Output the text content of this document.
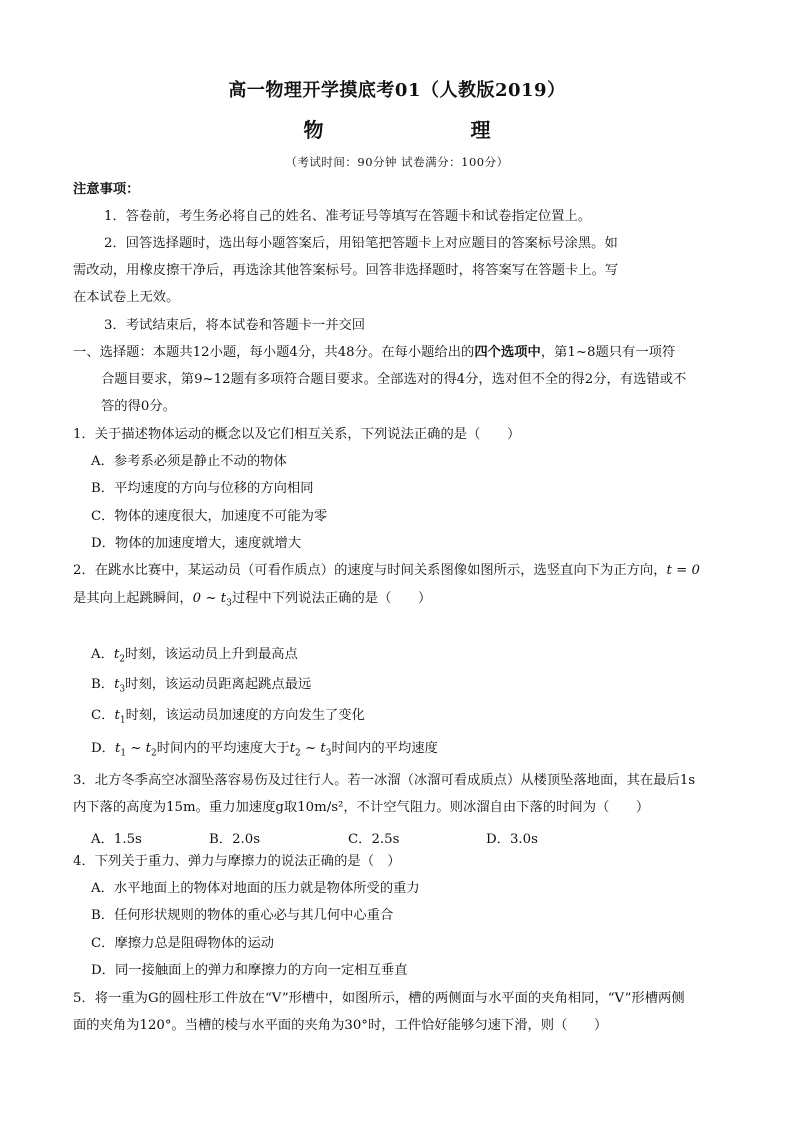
高一物理开学摸底考01（人教版2019）
物 理
（考试时间：90分钟 试卷满分：100分）
注意事项：
1．答卷前，考生务必将自己的姓名、准考证号等填写在答题卡和试卷指定位置上。
2．回答选择题时，选出每小题答案后，用铅笔把答题卡上对应题目的答案标号涂黑。如
需改动，用橡皮擦干净后，再选涂其他答案标号。回答非选择题时，将答案写在答题卡上。写
在本试卷上无效。
3．考试结束后，将本试卷和答题卡一并交回
一、选择题：本题共12小题，每小题4分，共48分。在每小题给出的四个选项中，第1~8题只有一项符
合题目要求，第9~12题有多项符合题目要求。全部选对的得4分，选对但不全的得2分，有选错或不
答的得0分。
1．关于描述物体运动的概念以及它们相互关系，下列说法正确的是（　　）
A．参考系必须是静止不动的物体
B．平均速度的方向与位移的方向相同
C．物体的速度很大，加速度不可能为零
D．物体的加速度增大，速度就增大
2．在跳水比赛中，某运动员（可看作质点）的速度与时间关系图像如图所示，选竖直向下为正方向，t = 0
是其向上起跳瞬间，0 ~ $t_3$过程中下列说法正确的是（　　）
A．$t_2$时刻，该运动员上升到最高点
B．$t_3$时刻，该运动员距离起跳点最远
C．$t_1$时刻，该运动员加速度的方向发生了变化
D．$t_1$ ~ $t_2$时间内的平均速度大于$t_2$ ~ $t_3$时间内的平均速度
3．北方冬季高空冰溜坠落容易伤及过往行人。若一冰溜（冰溜可看成质点）从楼顶坠落地面，其在最后1s
内下落的高度为15m。重力加速度g取10m/s²，不计空气阻力。则冰溜自由下落的时间为（　　）
A．1.5s	B．2.0s	C．2.5s	D．3.0s
4．下列关于重力、弹力与摩擦力的说法正确的是（　）
A．水平地面上的物体对地面的压力就是物体所受的重力
B．任何形状规则的物体的重心必与其几何中心重合
C．摩擦力总是阻碍物体的运动
D．同一接触面上的弹力和摩擦力的方向一定相互垂直
5．将一重为G的圆柱形工件放在“V”形槽中，如图所示，槽的两侧面与水平面的夹角相同，“V”形槽两侧
面的夹角为120°。当槽的棱与水平面的夹角为30°时，工件恰好能够匀速下滑，则（　　）
